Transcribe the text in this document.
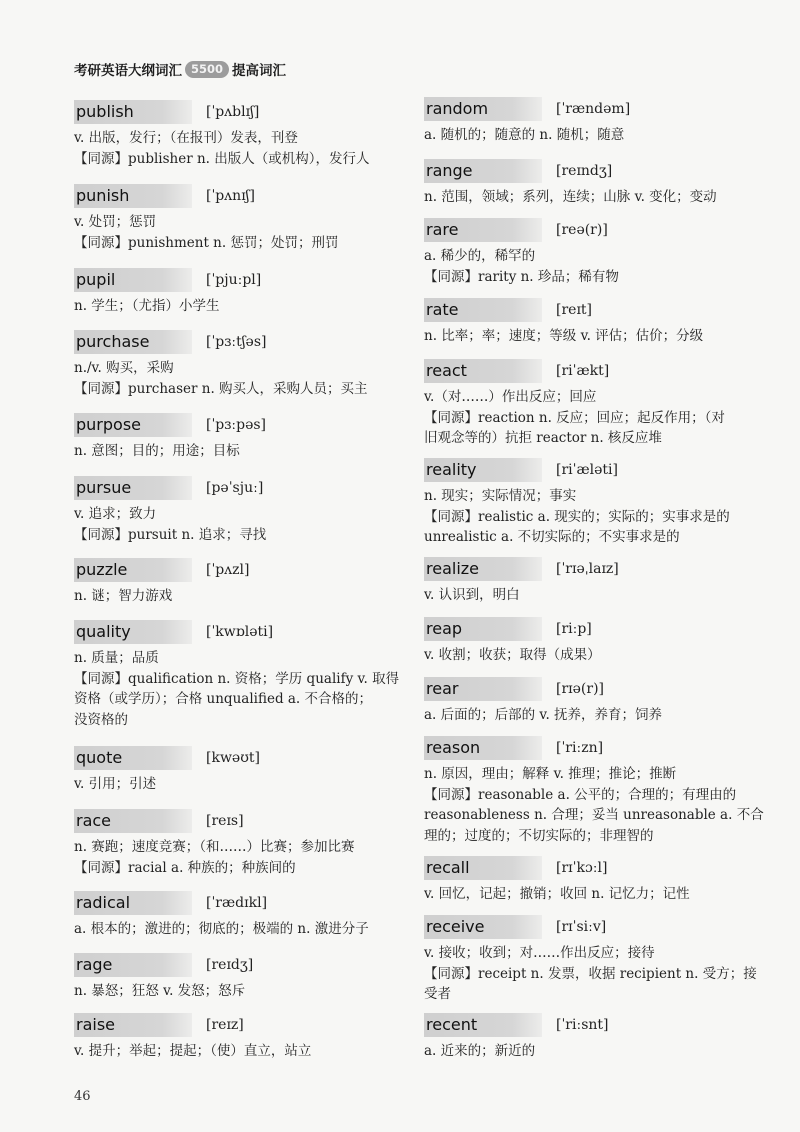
考研英语大纲词汇 5500 提高词汇
publish	[ˈpʌblɪʃ]
v. 出版，发行；（在报刊）发表，刊登
【同源】publisher n. 出版人（或机构），发行人
punish	[ˈpʌnɪʃ]
v. 处罚；惩罚
【同源】punishment n. 惩罚；处罚；刑罚
pupil	[ˈpjuːpl]
n. 学生；（尤指）小学生
purchase	[ˈpɜːtʃəs]
n./v. 购买，采购
【同源】purchaser n. 购买人，采购人员；买主
purpose	[ˈpɜːpəs]
n. 意图；目的；用途；目标
pursue	[pəˈsjuː]
v. 追求；致力
【同源】pursuit n. 追求；寻找
puzzle	[ˈpʌzl]
n. 谜；智力游戏
quality	[ˈkwɒləti]
n. 质量；品质
【同源】qualification n. 资格；学历 qualify v. 取得
资格（或学历）；合格 unqualified a. 不合格的；
没资格的
quote	[kwəʊt]
v. 引用；引述
race	[reɪs]
n. 赛跑；速度竞赛；（和……）比赛；参加比赛
【同源】racial a. 种族的；种族间的
radical	[ˈrædɪkl]
a. 根本的；激进的；彻底的；极端的 n. 激进分子
rage	[reɪdʒ]
n. 暴怒；狂怒 v. 发怒；怒斥
raise	[reɪz]
v. 提升；举起；提起；（使）直立，站立
random	[ˈrændəm]
a. 随机的；随意的 n. 随机；随意
range	[reɪndʒ]
n. 范围，领域；系列，连续；山脉 v. 变化；变动
rare	[reə(r)]
a. 稀少的，稀罕的
【同源】rarity n. 珍品；稀有物
rate	[reɪt]
n. 比率；率；速度；等级 v. 评估；估价；分级
react	[riˈækt]
v.（对……）作出反应；回应
【同源】reaction n. 反应；回应；起反作用；（对
旧观念等的）抗拒 reactor n. 核反应堆
reality	[riˈæləti]
n. 现实；实际情况；事实
【同源】realistic a. 现实的；实际的；实事求是的
unrealistic a. 不切实际的；不实事求是的
realize	[ˈrɪəˌlaɪz]
v. 认识到，明白
reap	[riːp]
v. 收割；收获；取得（成果）
rear	[rɪə(r)]
a. 后面的；后部的 v. 抚养，养育；饲养
reason	[ˈriːzn]
n. 原因，理由；解释 v. 推理；推论；推断
【同源】reasonable a. 公平的；合理的；有理由的
reasonableness n. 合理；妥当 unreasonable a. 不合
理的；过度的；不切实际的；非理智的
recall	[rɪˈkɔːl]
v. 回忆，记起；撤销；收回 n. 记忆力；记性
receive	[rɪˈsiːv]
v. 接收；收到；对……作出反应；接待
【同源】receipt n. 发票，收据 recipient n. 受方；接
受者
recent	[ˈriːsnt]
a. 近来的；新近的
46
